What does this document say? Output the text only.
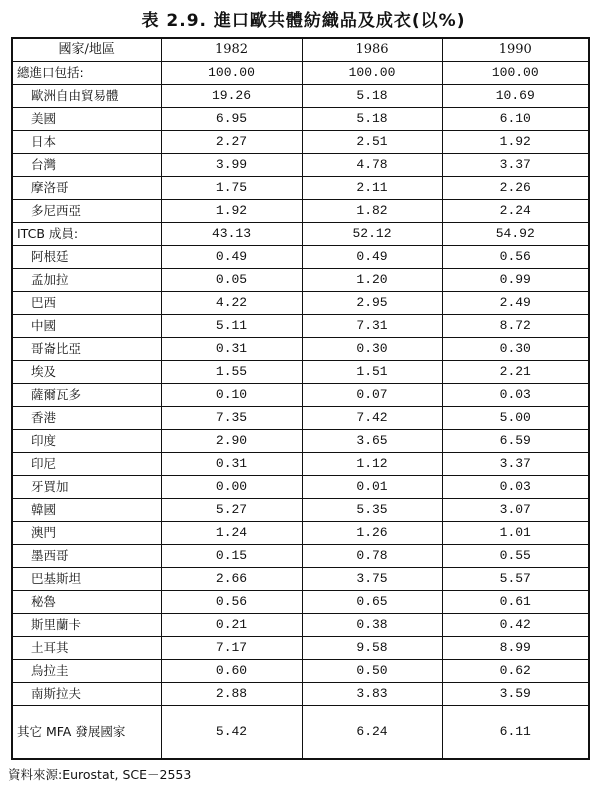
表 2.9. 進口歐共體紡織品及成衣(以%)
國家/地區	1982	1986	1990
總進口包括:	100.00	100.00	100.00
歐洲自由貿易體	19.26	5.18	10.69
美國	6.95	5.18	6.10
日本	2.27	2.51	1.92
台灣	3.99	4.78	3.37
摩洛哥	1.75	2.11	2.26
多尼西亞	1.92	1.82	2.24
ITCB 成員:	43.13	52.12	54.92
阿根廷	0.49	0.49	0.56
孟加拉	0.05	1.20	0.99
巴西	4.22	2.95	2.49
中國	5.11	7.31	8.72
哥崙比亞	0.31	0.30	0.30
埃及	1.55	1.51	2.21
薩爾瓦多	0.10	0.07	0.03
香港	7.35	7.42	5.00
印度	2.90	3.65	6.59
印尼	0.31	1.12	3.37
牙買加	0.00	0.01	0.03
韓國	5.27	5.35	3.07
澳門	1.24	1.26	1.01
墨西哥	0.15	0.78	0.55
巴基斯坦	2.66	3.75	5.57
秘魯	0.56	0.65	0.61
斯里蘭卡	0.21	0.38	0.42
土耳其	7.17	9.58	8.99
烏拉圭	0.60	0.50	0.62
南斯拉夫	2.88	3.83	3.59
其它 MFA 發展國家	5.42	6.24	6.11
資料來源:Eurostat, SCE－2553
